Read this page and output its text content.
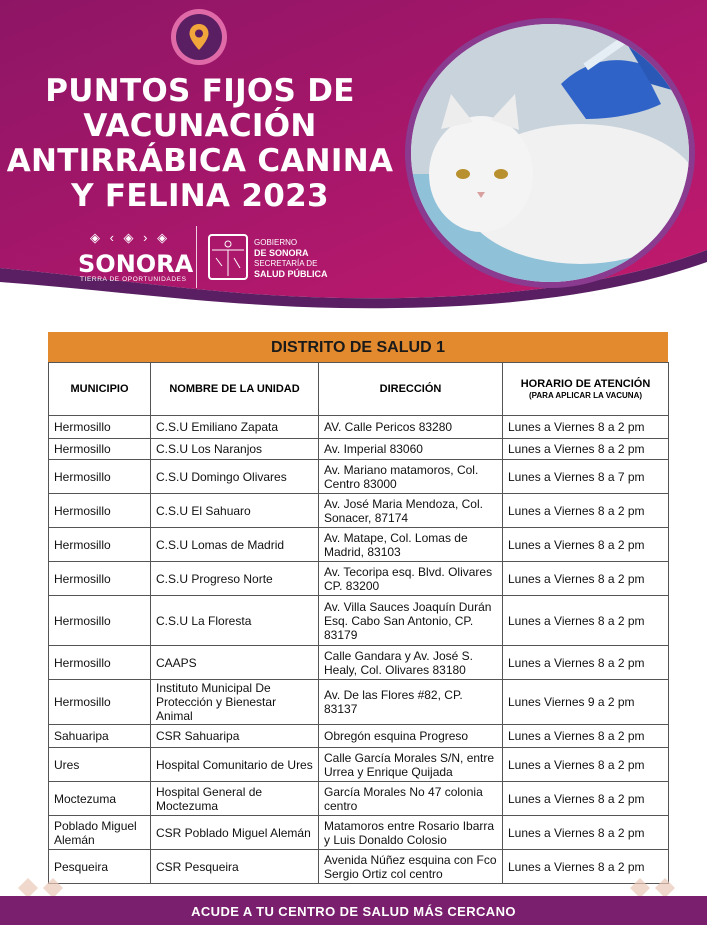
PUNTOS FIJOS DE
VACUNACIÓN
ANTIRRÁBICA CANINA
Y FELINA 2023
◈ ‹ ◈ › ◈
SONORA
TIERRA DE OPORTUNIDADES
GOBIERNO
DE SONORA
SECRETARÍA DE
SALUD PÚBLICA
DISTRITO DE SALUD 1
MUNICIPIO	NOMBRE DE LA UNIDAD	DIRECCIÓN	HORARIO DE ATENCIÓN
(PARA APLICAR LA VACUNA)

Hermosillo	C.S.U Emiliano Zapata	AV. Calle Pericos 83280	Lunes a Viernes 8 a 2 pm
Hermosillo	C.S.U Los Naranjos	Av. Imperial 83060	Lunes a Viernes 8 a 2 pm
Hermosillo	C.S.U Domingo Olivares	Av. Mariano matamoros, Col. Centro 83000	Lunes a Viernes 8 a 7 pm
Hermosillo	C.S.U El Sahuaro	Av. José Maria Mendoza, Col. Sonacer, 87174	Lunes a Viernes 8 a 2 pm
Hermosillo	C.S.U Lomas de Madrid	Av. Matape, Col. Lomas de Madrid, 83103	Lunes a Viernes 8 a 2 pm
Hermosillo	C.S.U Progreso Norte	Av. Tecoripa esq. Blvd. Olivares CP. 83200	Lunes a Viernes 8 a 2 pm
Hermosillo	C.S.U La Floresta	Av. Villa Sauces Joaquín Durán Esq. Cabo San Antonio, CP. 83179	Lunes a Viernes 8 a 2 pm
Hermosillo	CAAPS	Calle Gandara y Av. José S. Healy, Col. Olivares 83180	Lunes a Viernes 8 a 2 pm
Hermosillo	Instituto Municipal De Protección y Bienestar Animal	Av. De las Flores #82, CP. 83137	Lunes Viernes 9 a 2 pm
Sahuaripa	CSR Sahuaripa	Obregón esquina Progreso	Lunes a Viernes 8 a 2 pm
Ures	Hospital Comunitario de Ures	Calle García Morales S/N, entre Urrea y Enrique Quijada	Lunes a Viernes 8 a 2 pm
Moctezuma	Hospital General de Moctezuma	García Morales No 47 colonia centro	Lunes a Viernes 8 a 2 pm
Poblado Miguel Alemán	CSR Poblado Miguel Alemán	Matamoros entre Rosario Ibarra y Luis Donaldo Colosio	Lunes a Viernes 8 a 2 pm
Pesqueira	CSR Pesqueira	Avenida Núñez esquina con Fco Sergio Ortiz col centro	Lunes a Viernes 8 a 2 pm
ACUDE A TU CENTRO DE SALUD MÁS CERCANO
